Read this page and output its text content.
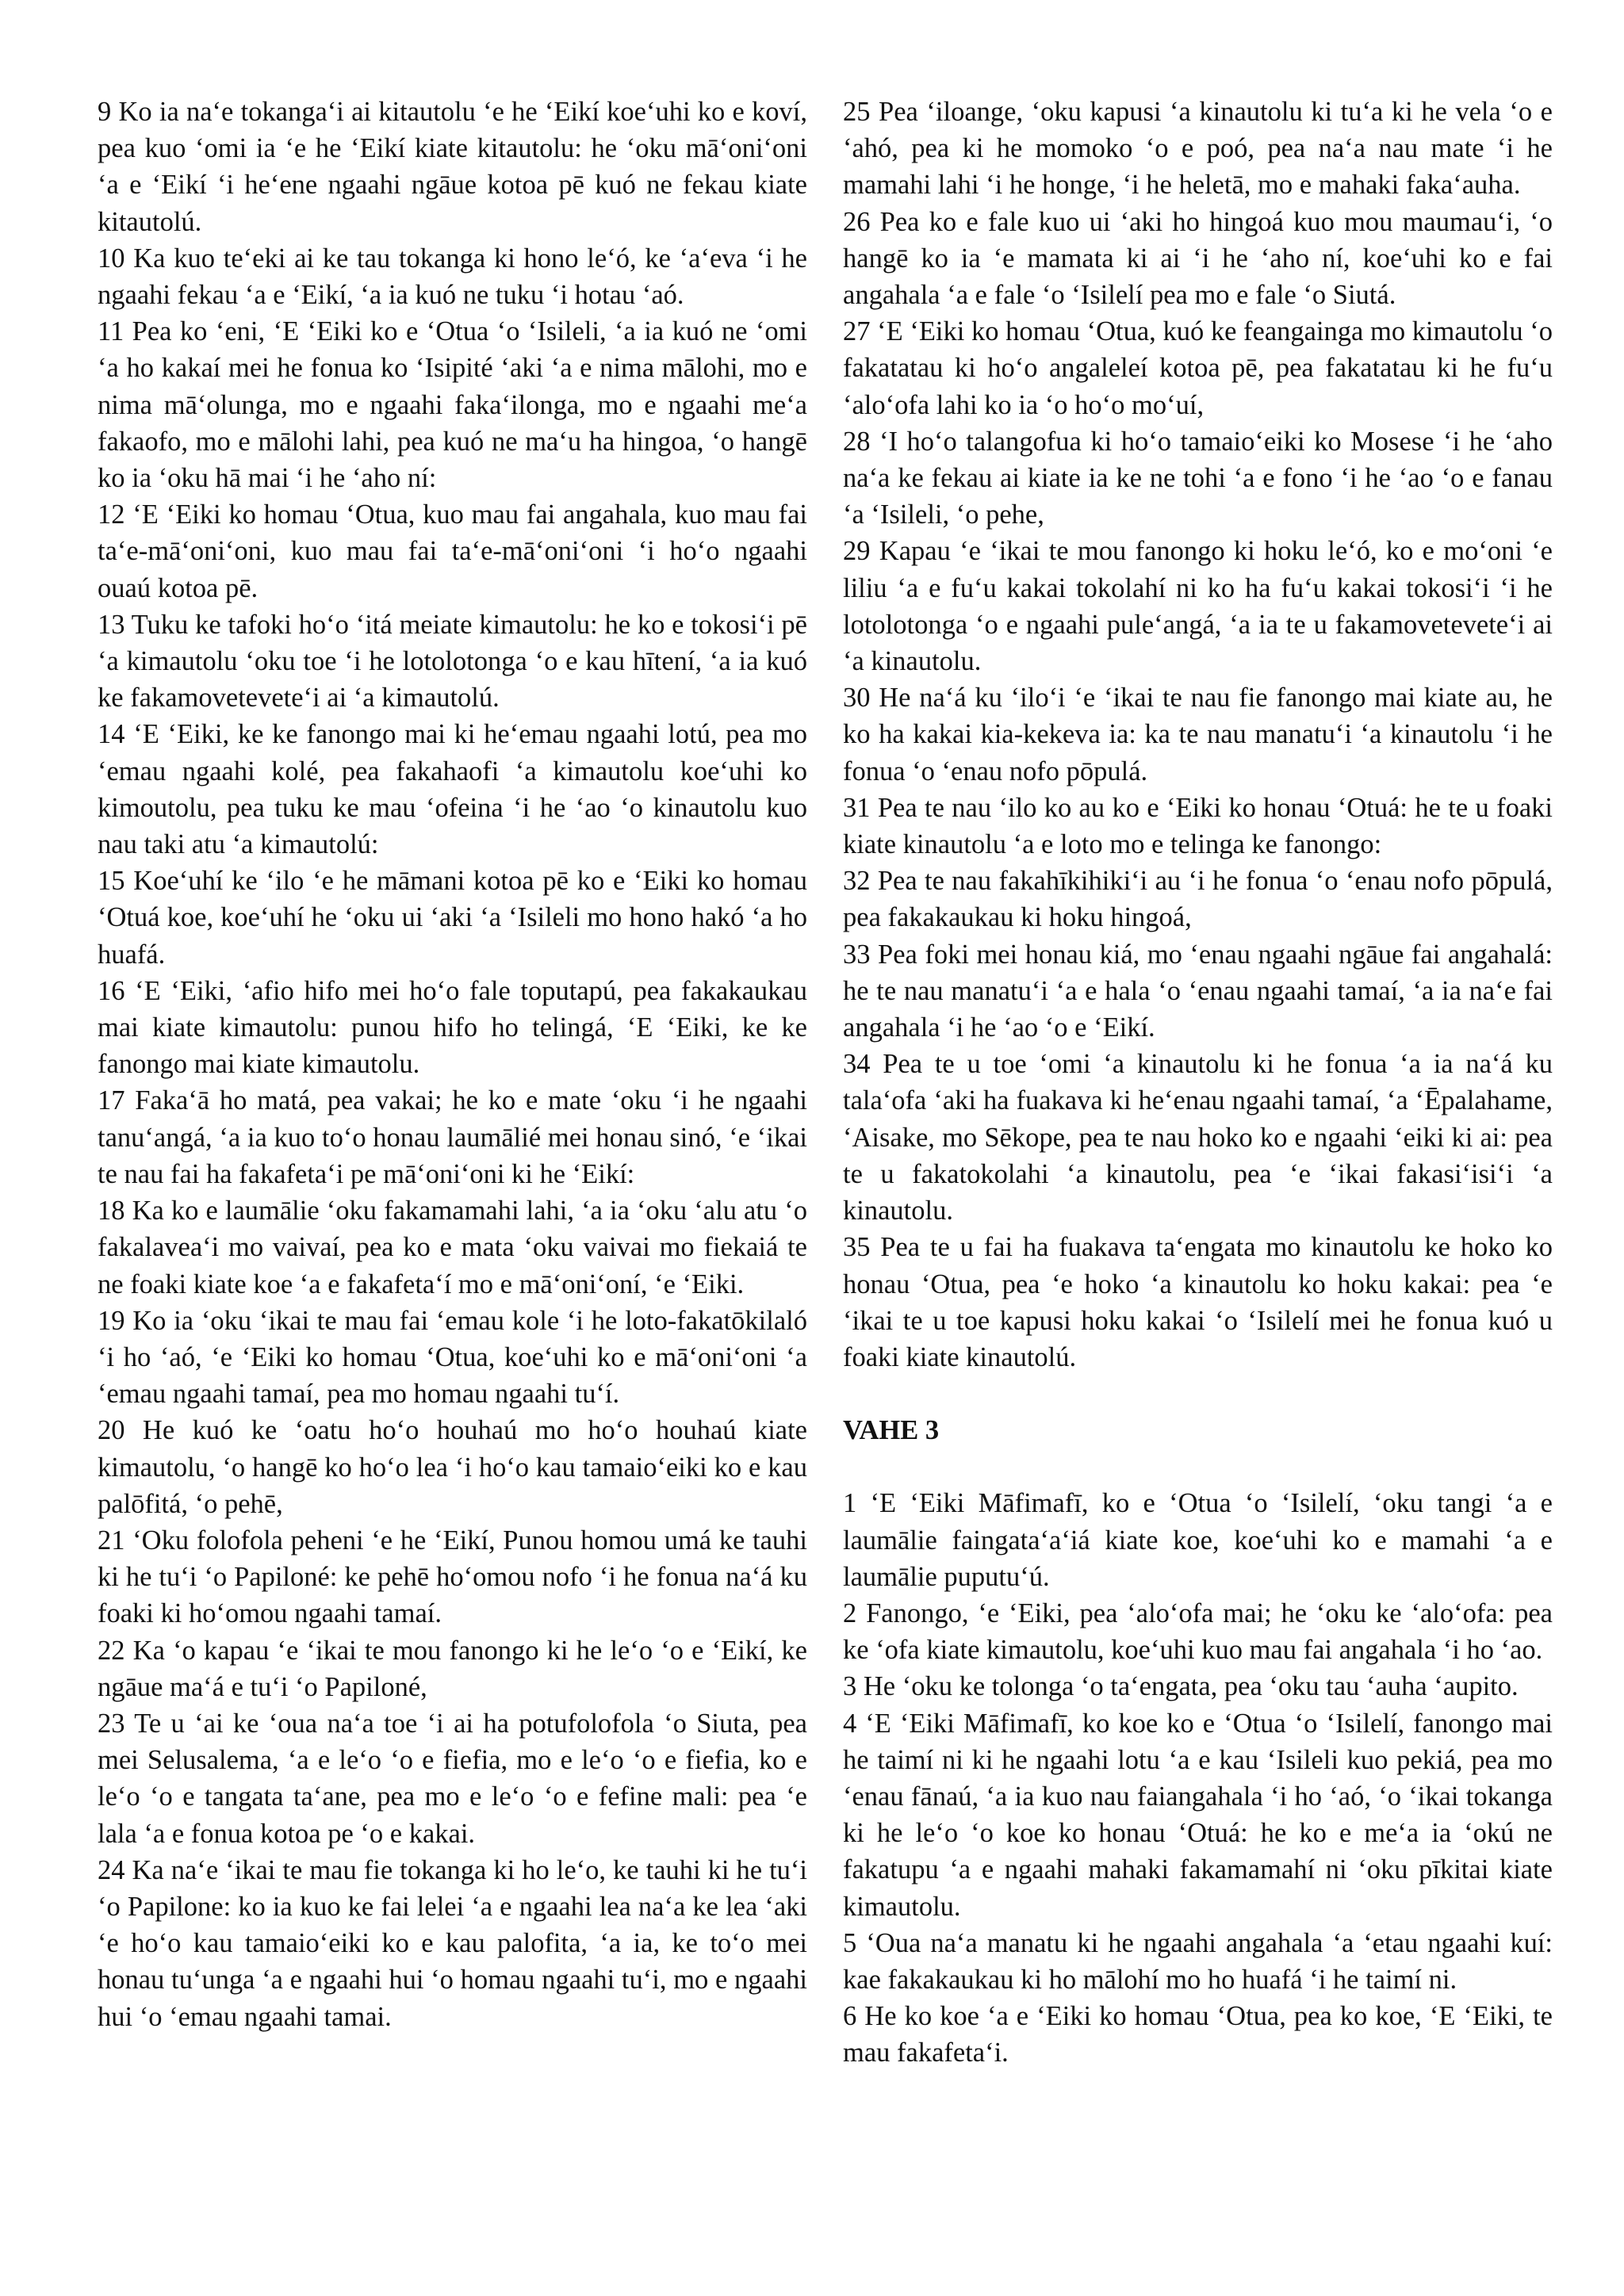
9 Ko ia naʻe tokangaʻi ai kitautolu ʻe he ʻEikí koeʻuhi ko e koví, pea kuo ʻomi ia ʻe he ʻEikí kiate kitautolu: he ʻoku māʻoniʻoni ʻa e ʻEikí ʻi heʻene ngaahi ngāue kotoa pē kuó ne fekau kiate kitautolú.

10 Ka kuo teʻeki ai ke tau tokanga ki hono leʻó, ke ʻaʻeva ʻi he ngaahi fekau ʻa e ʻEikí, ʻa ia kuó ne tuku ʻi hotau ʻaó.

11 Pea ko ʻeni, ʻE ʻEiki ko e ʻOtua ʻo ʻIsileli, ʻa ia kuó ne ʻomi ʻa ho kakaí mei he fonua ko ʻIsipité ʻaki ʻa e nima mālohi, mo e nima māʻolunga, mo e ngaahi fakaʻilonga, mo e ngaahi meʻa fakaofo, mo e mālohi lahi, pea kuó ne maʻu ha hingoa, ʻo hangē ko ia ʻoku hā mai ʻi he ʻaho ní:

12 ʻE ʻEiki ko homau ʻOtua, kuo mau fai angahala, kuo mau fai taʻe-māʻoniʻoni, kuo mau fai taʻe-māʻoniʻoni ʻi hoʻo ngaahi ouaú kotoa pē.

13 Tuku ke tafoki hoʻo ʻitá meiate kimautolu: he ko e tokosiʻi pē ʻa kimautolu ʻoku toe ʻi he lotolotonga ʻo e kau hītení, ʻa ia kuó ke fakamoveteveteʻi ai ʻa kimautolú.

14 ʻE ʻEiki, ke ke fanongo mai ki heʻemau ngaahi lotú, pea mo ʻemau ngaahi kolé, pea fakahaofi ʻa kimautolu koeʻuhi ko kimoutolu, pea tuku ke mau ʻofeina ʻi he ʻao ʻo kinautolu kuo nau taki atu ʻa kimautolú:

15 Koeʻuhí ke ʻilo ʻe he māmani kotoa pē ko e ʻEiki ko homau ʻOtuá koe, koeʻuhí he ʻoku ui ʻaki ʻa ʻIsileli mo hono hakó ʻa ho huafá.

16 ʻE ʻEiki, ʻafio hifo mei hoʻo fale toputapú, pea fakakaukau mai kiate kimautolu: punou hifo ho telingá, ʻE ʻEiki, ke ke fanongo mai kiate kimautolu.

17 Fakaʻā ho matá, pea vakai; he ko e mate ʻoku ʻi he ngaahi tanuʻangá, ʻa ia kuo toʻo honau laumālié mei honau sinó, ʻe ʻikai te nau fai ha fakafetaʻi pe māʻoniʻoni ki he ʻEikí:

18 Ka ko e laumālie ʻoku fakamamahi lahi, ʻa ia ʻoku ʻalu atu ʻo fakalaveaʻi mo vaivaí, pea ko e mata ʻoku vaivai mo fiekaiá te ne foaki kiate koe ʻa e fakafetaʻí mo e māʻoniʻoní, ʻe ʻEiki.

19 Ko ia ʻoku ʻikai te mau fai ʻemau kole ʻi he loto-fakatōkilaló ʻi ho ʻaó, ʻe ʻEiki ko homau ʻOtua, koeʻuhi ko e māʻoniʻoni ʻa ʻemau ngaahi tamaí, pea mo homau ngaahi tuʻí.

20 He kuó ke ʻoatu hoʻo houhaú mo hoʻo houhaú kiate kimautolu, ʻo hangē ko hoʻo lea ʻi hoʻo kau tamaioʻeiki ko e kau palōfitá, ʻo pehē,

21 ʻOku folofola peheni ʻe he ʻEikí, Punou homou umá ke tauhi ki he tuʻi ʻo Papiloné: ke pehē hoʻomou nofo ʻi he fonua naʻá ku foaki ki hoʻomou ngaahi tamaí.

22 Ka ʻo kapau ʻe ʻikai te mou fanongo ki he leʻo ʻo e ʻEikí, ke ngāue maʻá e tuʻi ʻo Papiloné,

23 Te u ʻai ke ʻoua naʻa toe ʻi ai ha potufolofola ʻo Siuta, pea mei Selusalema, ʻa e leʻo ʻo e fiefia, mo e leʻo ʻo e fiefia, ko e leʻo ʻo e tangata taʻane, pea mo e leʻo ʻo e fefine mali: pea ʻe lala ʻa e fonua kotoa pe ʻo e kakai.

24 Ka naʻe ʻikai te mau fie tokanga ki ho leʻo, ke tauhi ki he tuʻi ʻo Papilone: ko ia kuo ke fai lelei ʻa e ngaahi lea naʻa ke lea ʻaki ʻe hoʻo kau tamaioʻeiki ko e kau palofita, ʻa ia, ke toʻo mei honau tuʻunga ʻa e ngaahi hui ʻo homau ngaahi tuʻi, mo e ngaahi hui ʻo ʻemau ngaahi tamai.

25 Pea ʻiloange, ʻoku kapusi ʻa kinautolu ki tuʻa ki he vela ʻo e ʻahó, pea ki he momoko ʻo e poó, pea naʻa nau mate ʻi he mamahi lahi ʻi he honge, ʻi he heletā, mo e mahaki fakaʻauha.

26 Pea ko e fale kuo ui ʻaki ho hingoá kuo mou maumauʻi, ʻo hangē ko ia ʻe mamata ki ai ʻi he ʻaho ní, koeʻuhi ko e fai angahala ʻa e fale ʻo ʻIsilelí pea mo e fale ʻo Siutá.

27 ʻE ʻEiki ko homau ʻOtua, kuó ke feangainga mo kimautolu ʻo fakatatau ki hoʻo angaleleí kotoa pē, pea fakatatau ki he fuʻu ʻaloʻofa lahi ko ia ʻo hoʻo moʻuí,

28 ʻI hoʻo talangofua ki hoʻo tamaioʻeiki ko Mosese ʻi he ʻaho naʻa ke fekau ai kiate ia ke ne tohi ʻa e fono ʻi he ʻao ʻo e fanau ʻa ʻIsileli, ʻo pehe,

29 Kapau ʻe ʻikai te mou fanongo ki hoku leʻó, ko e moʻoni ʻe liliu ʻa e fuʻu kakai tokolahí ni ko ha fuʻu kakai tokosiʻi ʻi he lotolotonga ʻo e ngaahi puleʻangá, ʻa ia te u fakamoveteveteʻi ai ʻa kinautolu.

30 He naʻá ku ʻiloʻi ʻe ʻikai te nau fie fanongo mai kiate au, he ko ha kakai kia-kekeva ia: ka te nau manatuʻi ʻa kinautolu ʻi he fonua ʻo ʻenau nofo pōpulá.

31 Pea te nau ʻilo ko au ko e ʻEiki ko honau ʻOtuá: he te u foaki kiate kinautolu ʻa e loto mo e telinga ke fanongo:

32 Pea te nau fakahīkihikiʻi au ʻi he fonua ʻo ʻenau nofo pōpulá, pea fakakaukau ki hoku hingoá,

33 Pea foki mei honau kiá, mo ʻenau ngaahi ngāue fai angahalá: he te nau manatuʻi ʻa e hala ʻo ʻenau ngaahi tamaí, ʻa ia naʻe fai angahala ʻi he ʻao ʻo e ʻEikí.

34 Pea te u toe ʻomi ʻa kinautolu ki he fonua ʻa ia naʻá ku talaʻofa ʻaki ha fuakava ki heʻenau ngaahi tamaí, ʻa ʻĒpalahame, ʻAisake, mo Sēkope, pea te nau hoko ko e ngaahi ʻeiki ki ai: pea te u fakatokolahi ʻa kinautolu, pea ʻe ʻikai fakasiʻisiʻi ʻa kinautolu.

35 Pea te u fai ha fuakava taʻengata mo kinautolu ke hoko ko honau ʻOtua, pea ʻe hoko ʻa kinautolu ko hoku kakai: pea ʻe ʻikai te u toe kapusi hoku kakai ʻo ʻIsilelí mei he fonua kuó u foaki kiate kinautolú.

VAHE 3

1 ʻE ʻEiki Māfimafī, ko e ʻOtua ʻo ʻIsilelí, ʻoku tangi ʻa e laumālie faingataʻaʻiá kiate koe, koeʻuhi ko e mamahi ʻa e laumālie puputuʻú.

2 Fanongo, ʻe ʻEiki, pea ʻaloʻofa mai; he ʻoku ke ʻaloʻofa: pea ke ʻofa kiate kimautolu, koeʻuhi kuo mau fai angahala ʻi ho ʻao.

3 He ʻoku ke tolonga ʻo taʻengata, pea ʻoku tau ʻauha ʻaupito.

4 ʻE ʻEiki Māfimafī, ko koe ko e ʻOtua ʻo ʻIsilelí, fanongo mai he taimí ni ki he ngaahi lotu ʻa e kau ʻIsileli kuo pekiá, pea mo ʻenau fānaú, ʻa ia kuo nau faiangahala ʻi ho ʻaó, ʻo ʻikai tokanga ki he leʻo ʻo koe ko honau ʻOtuá: he ko e meʻa ia ʻokú ne fakatupu ʻa e ngaahi mahaki fakamamahí ni ʻoku pīkitai kiate kimautolu.

5 ʻOua naʻa manatu ki he ngaahi angahala ʻa ʻetau ngaahi kuí: kae fakakaukau ki ho mālohí mo ho huafá ʻi he taimí ni.

6 He ko koe ʻa e ʻEiki ko homau ʻOtua, pea ko koe, ʻE ʻEiki, te mau fakafetaʻi.
